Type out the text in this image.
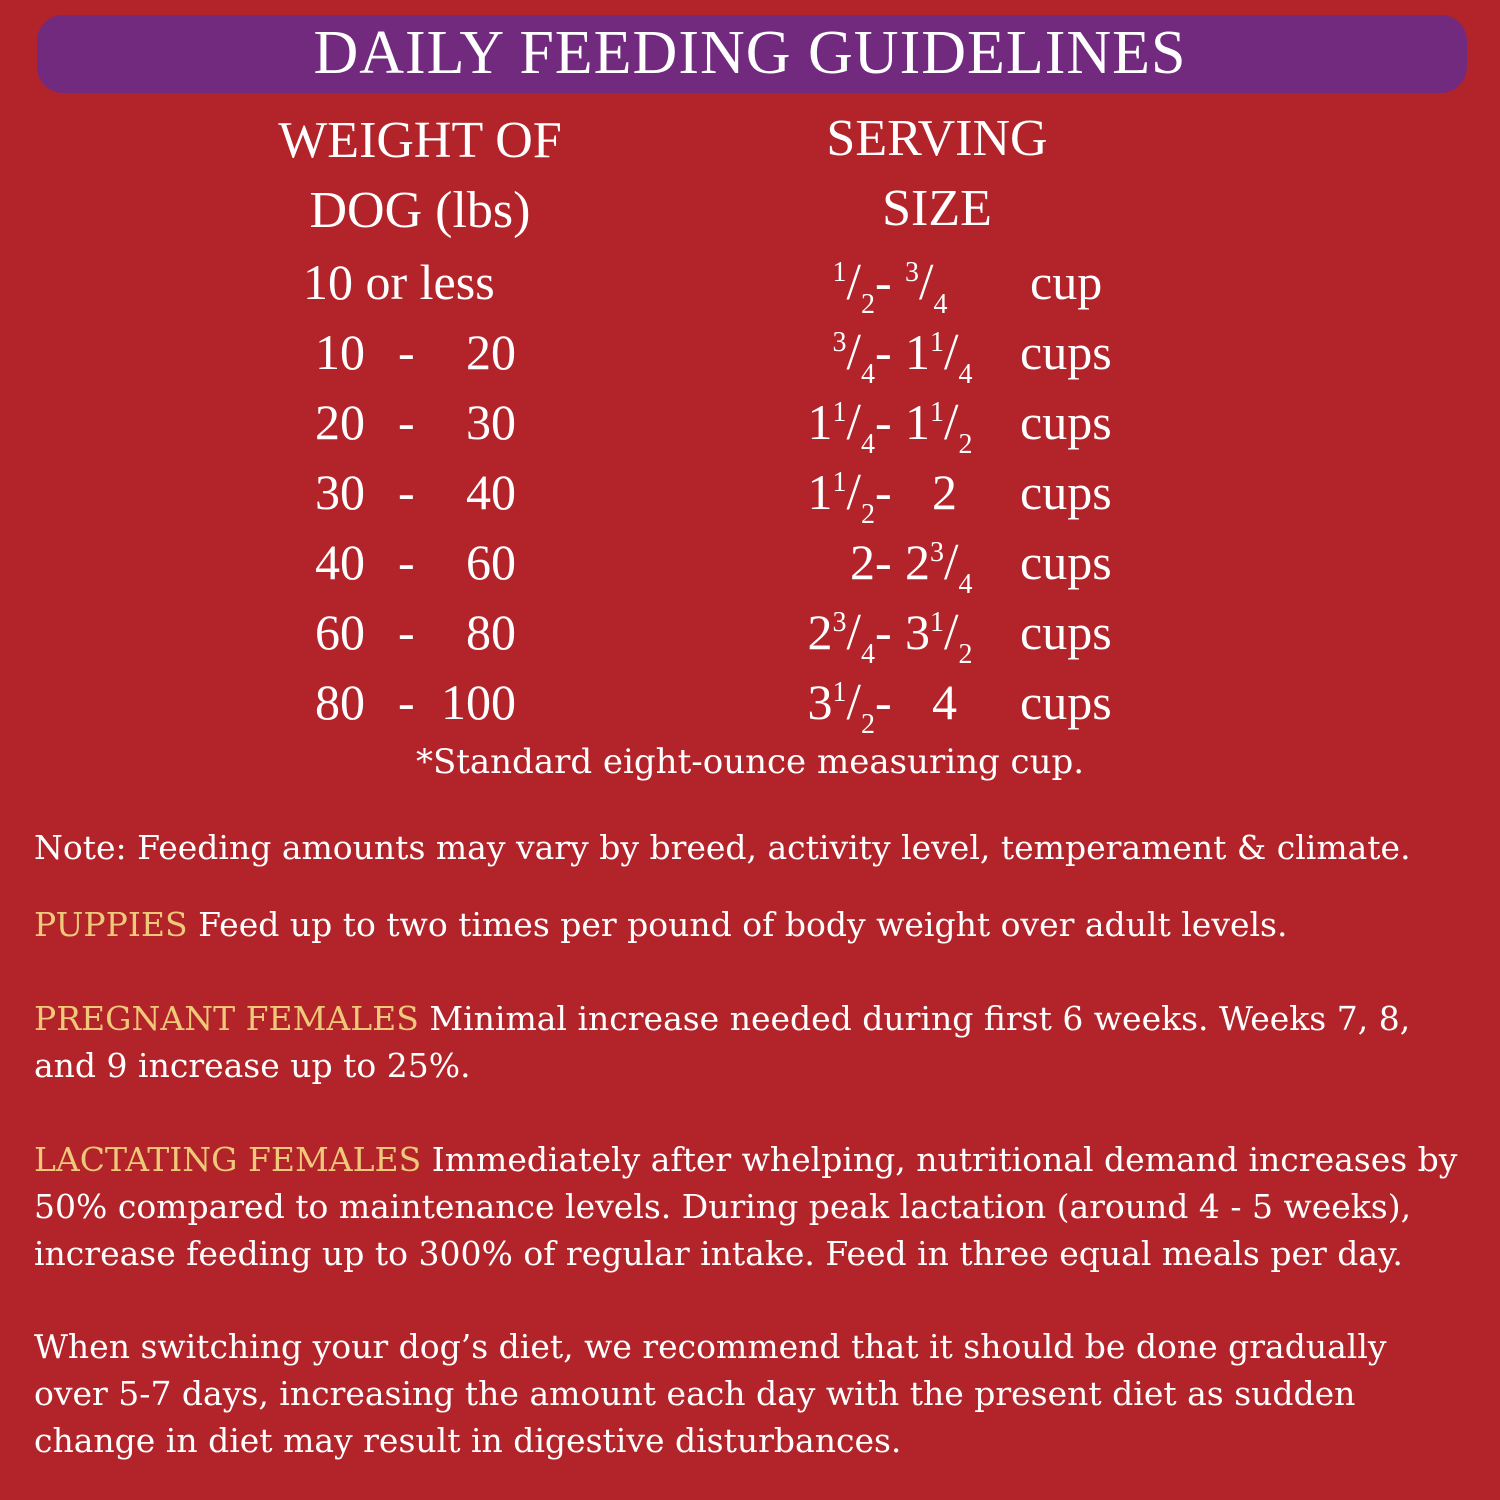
DAILY FEEDING GUIDELINES
WEIGHT OF
DOG (lbs)
SERVING
SIZE
10 or less	$^1/_2 - ^3/_4$ cup
10 -	20	$^3/_4 - 1^1/_4$ cups
20 -	30	$1^1/_4 - 1^1/_2$ cups
30 -	40	$1^1/_2 - 2$ cups
40 -	60	$2 - 2^3/_4$ cups
60 -	80	$2^3/_4 - 3^1/_2$ cups
80 - 100	$3^1/_2 - 4$ cups
*Standard eight-ounce measuring cup.

Note: Feeding amounts may vary by breed, activity level, temperament & climate.

PUPPIES Feed up to two times per pound of body weight over adult levels.

PREGNANT FEMALES Minimal increase needed during first 6 weeks. Weeks 7, 8, and 9 increase up to 25%.

LACTATING FEMALES Immediately after whelping, nutritional demand increases by 50% compared to maintenance levels. During peak lactation (around 4 - 5 weeks), increase feeding up to 300% of regular intake. Feed in three equal meals per day.

When switching your dog’s diet, we recommend that it should be done gradually over 5-7 days, increasing the amount each day with the present diet as sudden change in diet may result in digestive disturbances.
